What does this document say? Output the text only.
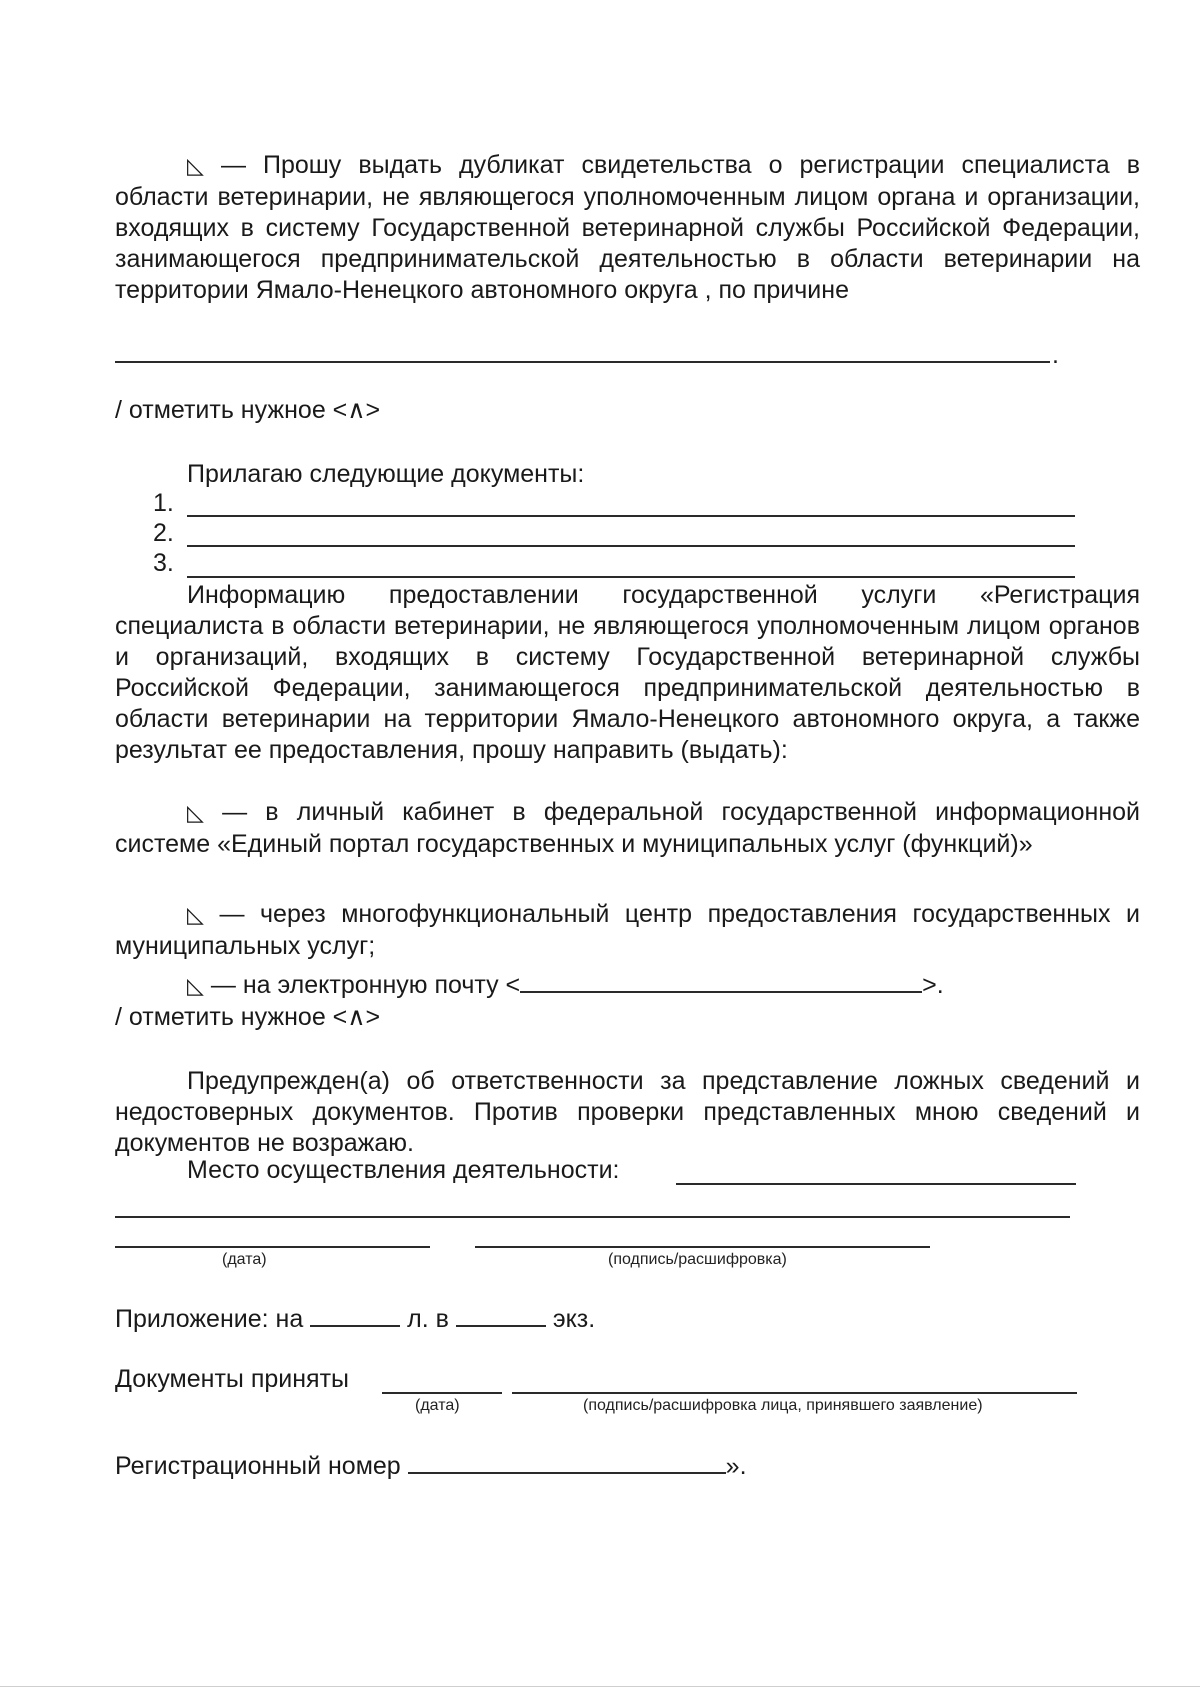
◺ — Прошу выдать дубликат свидетельства о регистрации специалиста в области ветеринарии, не являющегося уполномоченным лицом органа и организации, входящих в систему Государственной ветеринарной службы Российской Федерации, занимающегося предпринимательской деятельностью в области ветеринарии на территории Ямало-Ненецкого автономного округа , по причине
.
/ отметить нужное <∧>
Прилагаю следующие документы:
1.
2.
3.
Информацию предоставлении государственной услуги «Регистрация специалиста в области ветеринарии, не являющегося уполномоченным лицом органов и организаций, входящих в систему Государственной ветеринарной службы Российской Федерации, занимающегося предпринимательской деятельностью в области ветеринарии на территории Ямало-Ненецкого автономного округа, а также результат ее предоставления, прошу направить (выдать):
◺ — в личный кабинет в федеральной государственной информационной системе «Единый портал государственных и муниципальных услуг (функций)»
◺ — через многофункциональный центр предоставления государственных и муниципальных услуг;
◺ — на электронную почту <	>.
/ отметить нужное <∧>
Предупрежден(а) об ответственности за представление ложных сведений и недостоверных документов. Против проверки представленных мною сведений и документов не возражаю.
Место осуществления деятельности:
(дата)	(подпись/расшифровка)
Приложение: на	л. в	экз.
Документы приняты
(дата)	(подпись/расшифровка лица, принявшего заявление)
Регистрационный номер	».
